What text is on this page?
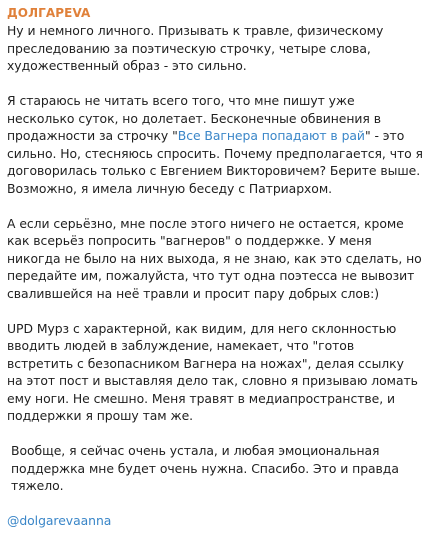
ДОЛГАРЕVA

Ну и немного личного. Призывать к травле, физическому преследованию за поэтическую строчку, четыре слова, художественный образ - это сильно.

Я стараюсь не читать всего того, что мне пишут уже несколько суток, но долетает. Бесконечные обвинения в продажности за строчку "Все Вагнера попадают в рай" - это сильно. Но, стесняюсь спросить. Почему предполагается, что я договорилась только с Евгением Викторовичем? Берите выше. Возможно, я имела личную беседу с Патриархом.

А если серьёзно, мне после этого ничего не остается, кроме как всерьёз попросить "вагнеров" о поддержке. У меня никогда не было на них выхода, я не знаю, как это сделать, но передайте им, пожалуйста, что тут одна поэтесса не вывозит свалившейся на неё травли и просит пару добрых слов:)

UPD Мурз с характерной, как видим, для него склонностью вводить людей в заблуждение, намекает, что "готов встретить с безопасником Вагнера на ножах", делая ссылку на этот пост и выставляя дело так, словно я призываю ломать ему ноги. Не смешно. Меня травят в медиапространстве, и поддержки я прошу там же.

Вообще, я сейчас очень устала, и любая эмоциональная поддержка мне будет очень нужна. Спасибо. Это и правда тяжело.

@dolgarevaanna
